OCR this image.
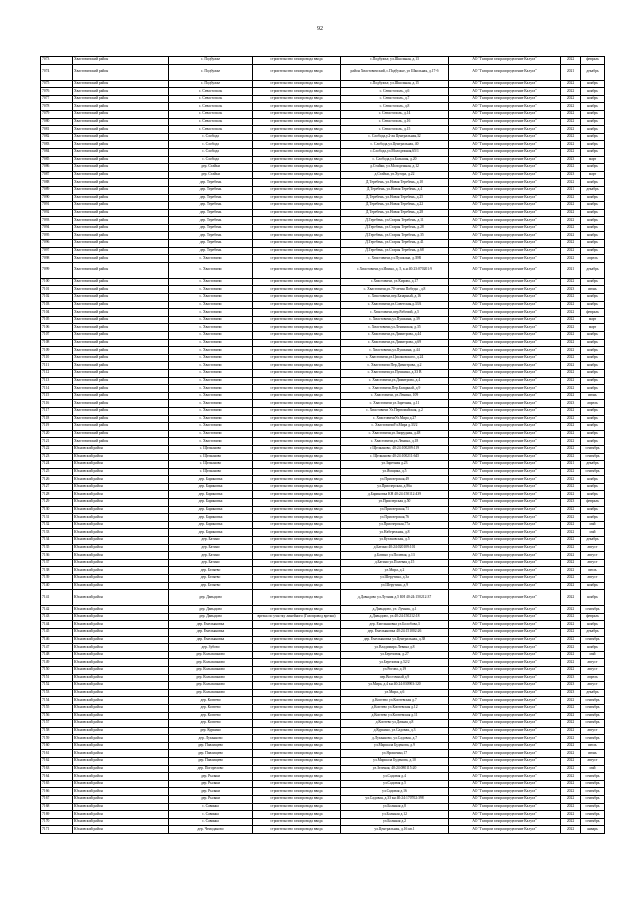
92
7073	Хвастовичский район	с. Подбужье	строительство газопровода ввода	с.Подбужье, ул.Школьная, д.13	АО "Газпром газораспределение Калуга"	2022	февраль
7074	Хвастовичский район	с. Подбужье	строительство газопровода ввода	район Хвастовичский, с.Подбужье, ул Школьная, д.17-б	АО "Газпром газораспределение Калуга"	2021	декабрь
7075	Хвастовичский район	с. Подбужье	строительство газопровода ввода	с.Подбужье, ул.Школьная, д.15	АО "Газпром газораспределение Калуга"	2022	ноябрь
7076	Хвастовичский район	с. Севастополь	строительство газопровода ввода	с. Севастополь, д.6	АО "Газпром газораспределение Калуга"	2022	ноябрь
7077	Хвастовичский район	с. Севастополь	строительство газопровода ввода	с. Севастополь, д.7	АО "Газпром газораспределение Калуга"	2022	ноябрь
7078	Хвастовичский район	с. Севастополь	строительство газопровода ввода	с. Севастополь, д.8	АО "Газпром газораспределение Калуга"	2022	ноябрь
7079	Хвастовичский район	с. Севастополь	строительство газопровода ввода	с. Севастополь, д.14	АО "Газпром газораспределение Калуга"	2022	ноябрь
7080	Хвастовичский район	с. Севастополь	строительство газопровода ввода	с. Севастополь, д.16	АО "Газпром газораспределение Калуга"	2022	ноябрь
7081	Хвастовичский район	с. Севастополь	строительство газопровода ввода	с. Севастополь, д.15	АО "Газпром газораспределение Калуга"	2022	ноябрь
7082	Хвастовичский район	с. Слобода	строительство газопровода ввода	с. Слобода,у.2-ая Центральная,32	АО "Газпром газораспределение Калуга"	2022	ноябрь
7083	Хвастовичский район	с. Слобода	строительство газопровода ввода	с. Слобода,ул.Центральная, 40	АО "Газпром газораспределение Калуга"	2022	ноябрь
7084	Хвастовичский район	с. Слобода	строительство газопровода ввода	с.Слобода,ул.Молодежная,65/1	АО "Газпром газораспределение Калуга"	2022	ноябрь
7085	Хвастовичский район	с. Слобода	строительство газопровода ввода	с. Слобода,ул.Большая, д.20	АО "Газпром газораспределение Калуга"	2023	март
7086	Хвастовичский район	дер. Стайки	строительство газопровода ввода	д.Стайки, ул.Молодежная, д.12	АО "Газпром газораспределение Калуга"	2022	ноябрь
7087	Хвастовичский район	дер. Стайки	строительство газопровода ввода	д.Стайки, ул.Хутора, д.22	АО "Газпром газораспределение Калуга"	2023	март
7088	Хвастовичский район	дер. Теребень	строительство газопровода ввода	Д.Теребень, ул.Новая Теребень, д.10	АО "Газпром газораспределение Калуга"	2022	ноябрь
7089	Хвастовичский район	дер. Теребень	строительство газопровода ввода	Д.Теребень, ул.Новая Теребень, д.4	АО "Газпром газораспределение Калуга"	2021	декабрь
7090	Хвастовичский район	дер. Теребень	строительство газопровода ввода	Д.Теребень, ул.Новая Теребень, д.25	АО "Газпром газораспределение Калуга"	2022	ноябрь
7091	Хвастовичский район	дер. Теребень	строительство газопровода ввода	Д.Теребень, ул.Новая Теребень, д.22	АО "Газпром газораспределение Калуга"	2022	ноябрь
7092	Хвастовичский район	дер. Теребень	строительство газопровода ввода	Д.Теребень, ул.Новая Теребень, д.28	АО "Газпром газораспределение Калуга"	2022	ноябрь
7093	Хвастовичский район	дер. Теребень	строительство газопровода ввода	Д.Теребень, ул.Старая Теребень, д.11	АО "Газпром газораспределение Калуга"	2022	ноябрь
7094	Хвастовичский район	дер. Теребень	строительство газопровода ввода	Д.Теребень, ул.Старая Теребень, д.28	АО "Газпром газораспределение Калуга"	2022	ноябрь
7095	Хвастовичский район	дер. Теребень	строительство газопровода ввода	Д.Теребень, ул.Старая Теребень, д.35	АО "Газпром газораспределение Калуга"	2022	ноябрь
7096	Хвастовичский район	дер. Теребень	строительство газопровода ввода	Д.Теребень, ул.Старая Теребень, д.41	АО "Газпром газораспределение Калуга"	2022	ноябрь
7097	Хвастовичский район	дер. Теребень	строительство газопровода ввода	Д.Теребень, ул.Старая Теребень, д.68	АО "Газпром газораспределение Калуга"	2022	ноябрь
7098	Хвастовичский район	с. Хвастовичи	строительство газопровода ввода	с. Хвастовичи,ул.Пушкина, д.39В	АО "Газпром газораспределение Калуга"	2022	апрель
7099	Хвастовичский район	с. Хвастовичи	строительство газопровода ввода	с.Хвастовичи,ул.Ипина, д. 5, к.н 40:23:070201:9	АО "Газпром газораспределение Калуга"	2021	декабрь
7100	Хвастовичский район	с. Хвастовичи	строительство газопровода ввода	с.Хвастовичи, ул.Кирова, д.17	АО "Газпром газораспределение Калуга"	2022	ноябрь
7101	Хвастовичский район	с. Хвастовичи	строительство газопровода ввода	с. Хвастовичи,ул.70-летия Победы , д.8	АО "Газпром газораспределение Калуга"	2023	июнь
7102	Хвастовичский район	с. Хвастовичи	строительство газопровода ввода	с. Хвастовичи,пер.Базарный, д.16	АО "Газпром газораспределение Калуга"	2022	ноябрь
7103	Хвастовичский район	с. Хвастовичи	строительство газопровода ввода	с. Хвастовичи,ул.Советская,д.33А	АО "Газпром газораспределение Калуга"	2022	ноябрь
7104	Хвастовичский район	с. Хвастовичи	строительство газопровода ввода	с. Хвастовичи,пер.Рабочий, д.5	АО "Газпром газораспределение Калуга"	2022	февраль
7105	Хвастовичский район	с. Хвастовичи	строительство газопровода ввода	с. Хвастовичи,ул.Пушкина, д.39	АО "Газпром газораспределение Калуга"	2022	март
7106	Хвастовичский район	с. Хвастовичи	строительство газопровода ввода	с. Хвастовичи,ул.Ленинская, д.35	АО "Газпром газораспределение Калуга"	2022	март
7107	Хвастовичский район	с. Хвастовичи	строительство газопровода ввода	с. Хвастовичи,ул.Димитрова, д.44	АО "Газпром газораспределение Калуга"	2022	ноябрь
7108	Хвастовичский район	с. Хвастовичи	строительство газопровода ввода	с. Хвастовичи,ул.Димитрова, д.69	АО "Газпром газораспределение Калуга"	2022	ноябрь
7109	Хвастовичский район	с. Хвастовичи	строительство газопровода ввода	с. Хвастовичи,ул.Пушкина, д.44	АО "Газпром газораспределение Калуга"	2022	ноябрь
7110	Хвастовичский район	с. Хвастовичи	строительство газопровода ввода	с. Хвастовичи,ул.Циолковского, д.24	АО "Газпром газораспределение Калуга"	2022	ноябрь
7111	Хвастовичский район	с. Хвастовичи	строительство газопровода ввода	с. Хвастовичи Пер.Димитрова, д.2	АО "Газпром газораспределение Калуга"	2022	ноябрь
7112	Хвастовичский район	с. Хвастовичи	строительство газопровода ввода	с. Хвастовичи,ул.Пушкина, д.33 В	АО "Газпром газораспределение Калуга"	2022	ноябрь
7113	Хвастовичский район	с. Хвастовичи	строительство газопровода ввода	с. Хвастовичи,ул.Димитрова, д.4	АО "Газпром газораспределение Калуга"	2022	ноябрь
7114	Хвастовичский район	с. Хвастовичи	строительство газопровода ввода	с. Хвастовичи,Пер.Базарный, д.9	АО "Газпром газораспределение Калуга"	2022	ноябрь
7115	Хвастовичский район	с. Хвастовичи	строительство газопровода ввода	с. Хвастовичи, ул.Ленина, 109	АО "Газпром газораспределение Калуга"	2022	июнь
7116	Хвастовичский район	с. Хвастовичи	строительство газопровода ввода	с. Хвастовичи ул.Заречная, д.11	АО "Газпром газораспределение Калуга"	2023	апрель
7117	Хвастовичский район	с. Хвастовичи	строительство газопровода ввода	с. Хвастовичи Ул.Первомайская, д.2	АО "Газпром газораспределение Калуга"	2022	ноябрь
7118	Хвастовичский район	с. Хвастовичи	строительство газопровода ввода	с. ХвастовичиУл.Мира д.27	АО "Газпром газораспределение Калуга"	2022	ноябрь
7119	Хвастовичский район	с. Хвастовичи	строительство газопровода ввода	с. ХвастовичиУл.Мира д.33/2	АО "Газпром газораспределение Калуга"	2022	ноябрь
7120	Хвастовичский район	с. Хвастовичи	строительство газопровода ввода	с. Хвастовичи,ул.Запрудная, д.48	АО "Газпром газораспределение Калуга"	2022	ноябрь
7121	Хвастовичский район	с. Хвастовичи	строительство газопровода ввода	с. Хвастовичи,ул.Ленина, д.18	АО "Газпром газораспределение Калуга"	2022	ноябрь
7122	Юхновский район	с. Щелканово	строительство газопровода ввода	с Щелканово, 40:24:100209:119	АО "Газпром газораспределение Калуга"	2022	сентябрь
7123	Юхновский район	с. Щелканово	строительство газопровода ввода	с. Щелканово 40:24:100211:645	АО "Газпром газораспределение Калуга"	2022	сентябрь
7124	Юхновский район	с. Щелканово	строительство газопровода ввода	ул.Заречная д.23	АО "Газпром газораспределение Калуга"	2021	декабрь
7125	Юхновский район	с. Щелканово	строительство газопровода ввода	ул.Ямщика, д.5	АО "Газпром газораспределение Калуга"	2022	сентябрь
7126	Юхновский район	дер. Бариновка	строительство газопровода ввода	ул.Приозерская,49	АО "Газпром газораспределение Калуга"	2022	ноябрь
7127	Юхновский район	дер. Бариновка	строительство газопровода ввода	ул.Приозерская, д.86а	АО "Газпром газораспределение Калуга"	2022	ноябрь
7128	Юхновский район	дер. Бариновка	строительство газопровода ввода	д.Бариновка КН 40:24:150112:439	АО "Газпром газораспределение Калуга"	2022	ноябрь
7129	Юхновский район	дер. Бариновка	строительство газопровода ввода	ул.Приозерская д.50	АО "Газпром газораспределение Калуга"	2023	февраль
7130	Юхновский район	дер. Бариновка	строительство газопровода ввода	ул.Приозерская,71	АО "Газпром газораспределение Калуга"	2022	ноябрь
7131	Юхновский район	дер. Бариновка	строительство газопровода ввода	ул.Приозерская,76	АО "Газпром газораспределение Калуга"	2022	ноябрь
7132	Юхновский район	дер. Бариновка	строительство газопровода ввода	ул.Приозерская,77а	АО "Газпром газораспределение Калуга"	2022	май
7133	Юхновский район	дер. Бариновка	строительство газопровода ввода	ул.Набережная, д.8	АО "Газпром газораспределение Калуга"	2022	май
7134	Юхновский район	дер. Батино	строительство газопровода ввода	ул.Кутаковская, д.5	АО "Газпром газораспределение Калуга"	2022	декабрь
7135	Юхновский район	дер. Батино	строительство газопровода ввода	д.Батино 40:24:020109:101	АО "Газпром газораспределение Калуга"	2022	август
7136	Юхновский район	дер. Батино	строительство газопровода ввода	д.Батино ул.Полевая, д.13	АО "Газпром газораспределение Калуга"	2022	август
7137	Юхновский район	дер. Батино	строительство газопровода ввода	д.Батино ул.Полевая д.15	АО "Газпром газораспределение Калуга"	2022	август
7138	Юхновский район	дер. Беляево	строительство газопровода ввода	ул.Мира, д.2	АО "Газпром газораспределение Калуга"	2022	июль
7139	Юхновский район	дер. Беляево	строительство газопровода ввода	ул.Шерутина, д.3а	АО "Газпром газораспределение Калуга"	2022	август
7140	Юхновский район	дер. Беляево	строительство газопровода ввода	ул.Шерутина, д.9	АО "Газпром газораспределение Калуга"	2022	ноябрь
7141	Юхновский район	дер. Давыдово	строительство газопровода ввода	д.Давыдово ул.Лучник д.5 КН 40:24:150212:37	АО "Газпром газораспределение Калуга"	2022	ноябрь
7142	Юхновский район	дер. Давыдово	строительство газопровода ввода	д.Давыдово, ул. Лучник, д.1	АО "Газпром газораспределение Калуга"	2022	сентябрь
7143	Юхновский район	дер. Давыдово	врезка по участку линейного (Газопровод врезки)	д.Давыдово, ул.40:24:150212:18	АО "Газпром газораспределение Калуга"	2022	февраль
7144	Юхновский район	дер. Емельяновка	строительство газопровода ввода	дер. Емельяновка ул.Болобова,3	АО "Газпром газораспределение Калуга"	2022	ноябрь
7145	Юхновский район	дер. Емельяновка	строительство газопровода ввода	дер. Емельяновка 40:24:151002:26	АО "Газпром газораспределение Калуга"	2022	декабрь
7146	Юхновский район	дер. Емельяновка	строительство газопровода ввода	дер. Емельяновка ул.Центральная, д.38	АО "Газпром газораспределение Калуга"	2022	сентябрь
7147	Юхновский район	дер. Зубово	строительство газопровода ввода	ул.Владимира Левина д.8	АО "Газпром газораспределение Калуга"	2022	ноябрь
7148	Юхновский район	дер. Колыхманово	строительство газопровода ввода	ул.Березовая, д.27	АО "Газпром газораспределение Калуга"	2022	май
7149	Юхновский район	дер. Колыхманово	строительство газопровода ввода	ул.Березовая д.52/2	АО "Газпром газораспределение Калуга"	2022	август
7150	Юхновский район	дер. Колыхманово	строительство газопровода ввода	ул.Рогова, д.19	АО "Газпром газораспределение Калуга"	2022	август
7151	Юхновский район	дер. Колыхманово	строительство газопровода ввода	пер.Восточный д.9	АО "Газпром газораспределение Калуга"	2023	апрель
7152	Юхновский район	дер. Колыхманово	строительство газопровода ввода	ул.Мира, д.4 кн 40:24:030903:120	АО "Газпром газораспределение Калуга"	2023	август
7153	Юхновский район	дер. Колыхманово	строительство газопровода ввода	ул.Мира, д.6	АО "Газпром газораспределение Калуга"	2023	декабрь
7154	Юхновский район	дер. Коптево	строительство газопровода ввода	д.Коптево ул.Коптевская д.7	АО "Газпром газораспределение Калуга"	2022	сентябрь
7155	Юхновский район	дер. Коптево	строительство газопровода ввода	д.Коптево ул.Коптевская д.12	АО "Газпром газораспределение Калуга"	2022	сентябрь
7156	Юхновский район	дер. Коптево	строительство газопровода ввода	д.Коптево ул.Коптевская д.11	АО "Газпром газораспределение Калуга"	2022	сентябрь
7157	Юхновский район	дер. Коптево	строительство газопровода ввода	д.Коптево ул.Дачная д.8	АО "Газпром газораспределение Калуга"	2022	сентябрь
7158	Юхновский район	дер. Куркино	строительство газопровода ввода	д.Куркино, ул.Садовая, д.3	АО "Газпром газораспределение Калуга"	2022	август
7159	Юхновский район	дер. Лукьяново	строительство газопровода ввода	д.Лукьяново, ул.Садовая, д.7	АО "Газпром газораспределение Калуга"	2022	сентябрь
7160	Юхновский район	дер. Павлищево	строительство газопровода ввода	ул.Маршала Буденова, д.9	АО "Газпром газораспределение Калуга"	2022	июль
7161	Юхновский район	дер. Павлищево	строительство газопровода ввода	ул.Ярошенко,17	АО "Газпром газораспределение Калуга"	2022	июнь
7162	Юхновский район	дер. Павлищево	строительство газопровода ввода	ул.Маршала Буденова, д.10	АО "Газпром газораспределение Калуга"	2022	август
7163	Юхновский район	дер. Погорелово	строительство газопровода ввода	ул.Зеленая, 40:24:080115:20	АО "Газпром газораспределение Калуга"	2022	май
7164	Юхновский район	дер. Рыляки	строительство газопровода ввода	ул.Садовая д.4	АО "Газпром газораспределение Калуга"	2022	сентябрь
7165	Юхновский район	дер. Рыляки	строительство газопровода ввода	ул.Садовая д.5	АО "Газпром газораспределение Калуга"	2022	сентябрь
7166	Юхновский район	дер. Рыляки	строительство газопровода ввода	ул.Садовая д.16	АО "Газпром газораспределение Калуга"	2022	сентябрь
7167	Юхновский район	дер. Рыляки	строительство газопровода ввода	ул.Садовая, д.33 кн 40:24:170702:398	АО "Газпром газораспределение Калуга"	2022	сентябрь
7168	Юхновский район	с. Савинка	строительство газопровода ввода	ул.Болнная д.8	АО "Газпром газораспределение Калуга"	2022	сентябрь
7169	Юхновский район	с. Савинка	строительство газопровода ввода	ул.Болнная д.12	АО "Газпром газораспределение Калуга"	2022	сентябрь
7170	Юхновский район	с. Савинка	строительство газопровода ввода	ул.Болнная д.2	АО "Газпром газораспределение Калуга"	2022	сентябрь
7171	Юхновский район	дер. Чемоданово	строительство газопровода ввода	ул.Центральная, д.16 кв.1	АО "Газпром газораспределение Калуга"	2022	январь
